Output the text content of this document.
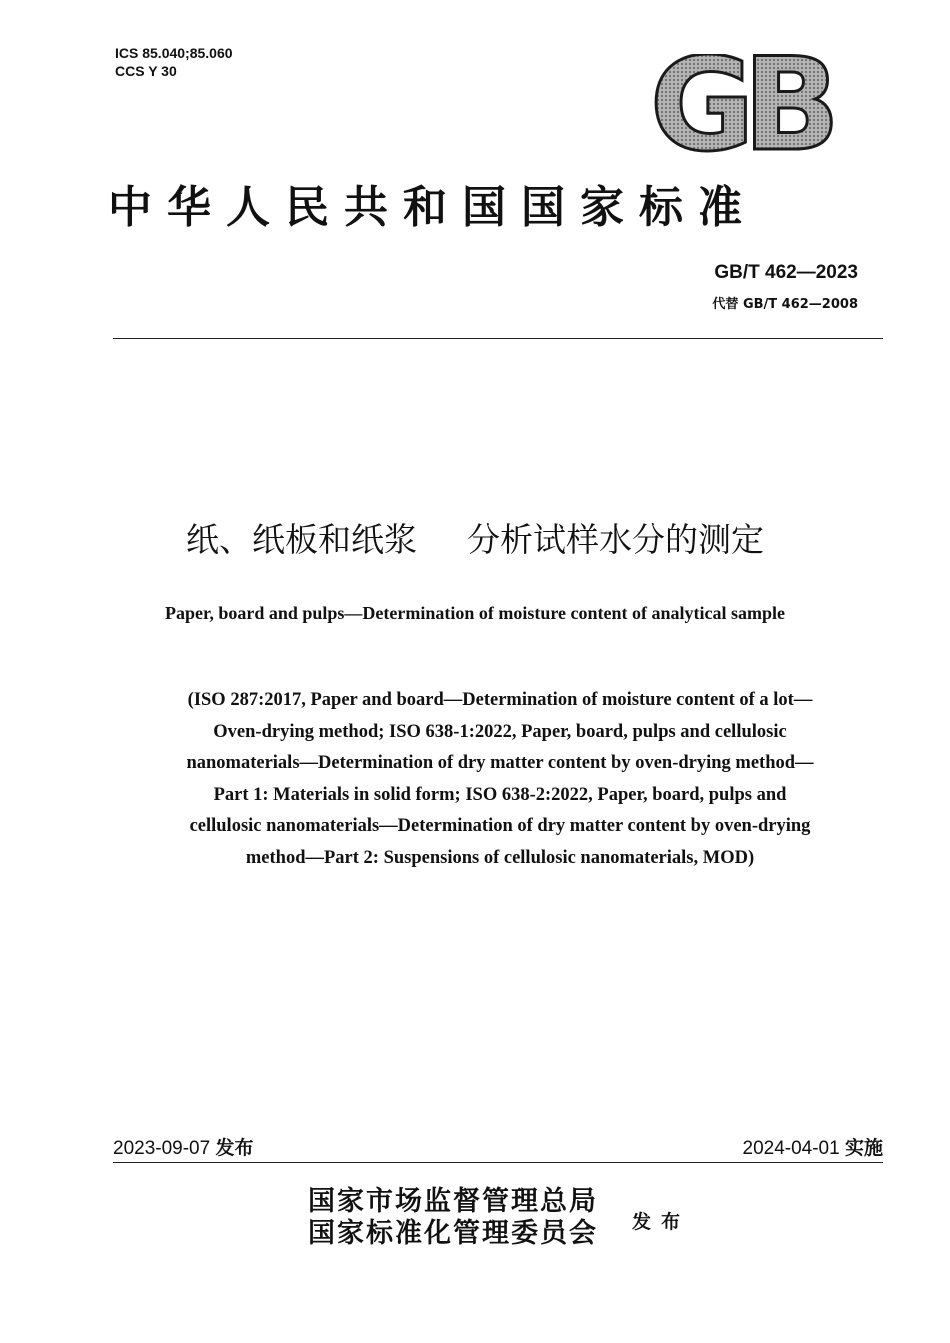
ICS 85.040;85.060
CCS Y 30	GB
中华人民共和国国家标准
GB/T 462—2023
代替 GB/T 462—2008
纸、纸板和纸浆 分析试样水分的测定
Paper, board and pulps—Determination of moisture content of analytical sample
(ISO 287:2017, Paper and board—Determination of moisture content of a lot—
Oven-drying method; ISO 638-1:2022, Paper, board, pulps and cellulosic
nanomaterials—Determination of dry matter content by oven-drying method—
Part 1: Materials in solid form; ISO 638-2:2022, Paper, board, pulps and
cellulosic nanomaterials—Determination of dry matter content by oven-drying
method—Part 2: Suspensions of cellulosic nanomaterials, MOD)
2023-09-07 发布	2024-04-01 实施
国家市场监督管理总局
国家标准化管理委员会 发布
